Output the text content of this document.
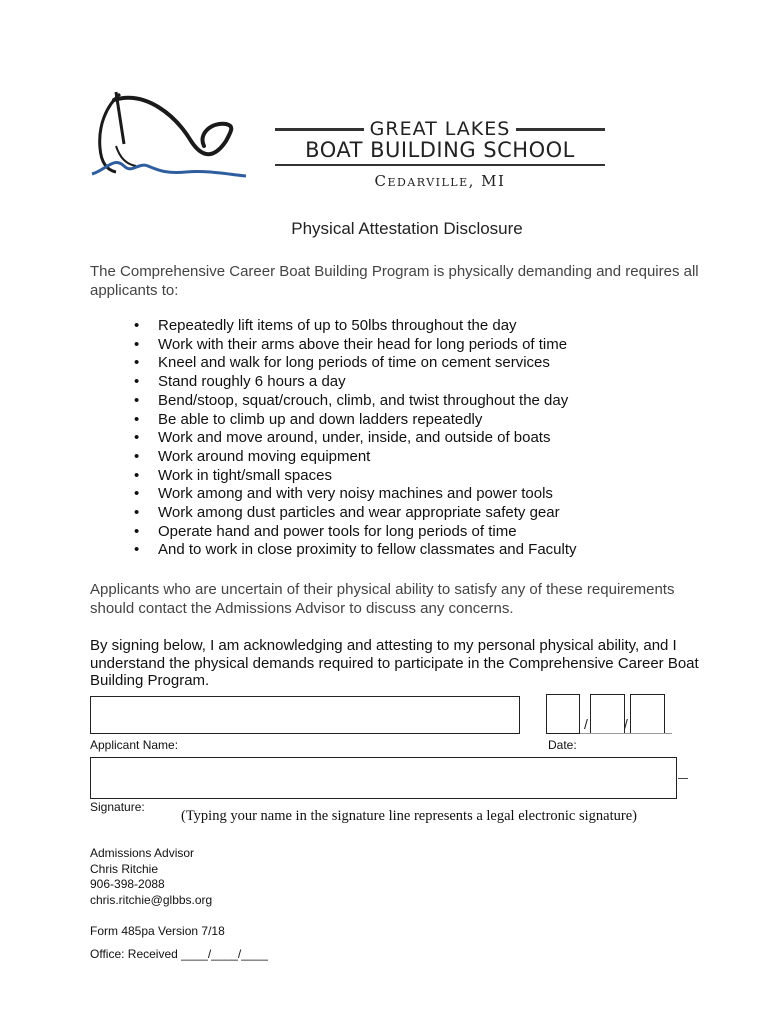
GREAT LAKES
BOAT BUILDING SCHOOL
Cedarville, MI
Physical Attestation Disclosure
The Comprehensive Career Boat Building Program is physically demanding and requires all applicants to:
• Repeatedly lift items of up to 50lbs throughout the day
• Work with their arms above their head for long periods of time
• Kneel and walk for long periods of time on cement services
• Stand roughly 6 hours a day
• Bend/stoop, squat/crouch, climb, and twist throughout the day
• Be able to climb up and down ladders repeatedly
• Work and move around, under, inside, and outside of boats
• Work around moving equipment
• Work in tight/small spaces
• Work among and with very noisy machines and power tools
• Work among dust particles and wear appropriate safety gear
• Operate hand and power tools for long periods of time
• And to work in close proximity to fellow classmates and Faculty
Applicants who are uncertain of their physical ability to satisfy any of these requirements should contact the Admissions Advisor to discuss any concerns.
By signing below, I am acknowledging and attesting to my personal physical ability, and I understand the physical demands required to participate in the Comprehensive Career Boat Building Program.
Applicant Name:
/	/
Date:
Signature:
(Typing your name in the signature line represents a legal electronic signature)
Admissions Advisor
Chris Ritchie
906-398-2088
chris.ritchie@glbbs.org
Form 485pa Version 7/18
Office: Received ____/____/____
